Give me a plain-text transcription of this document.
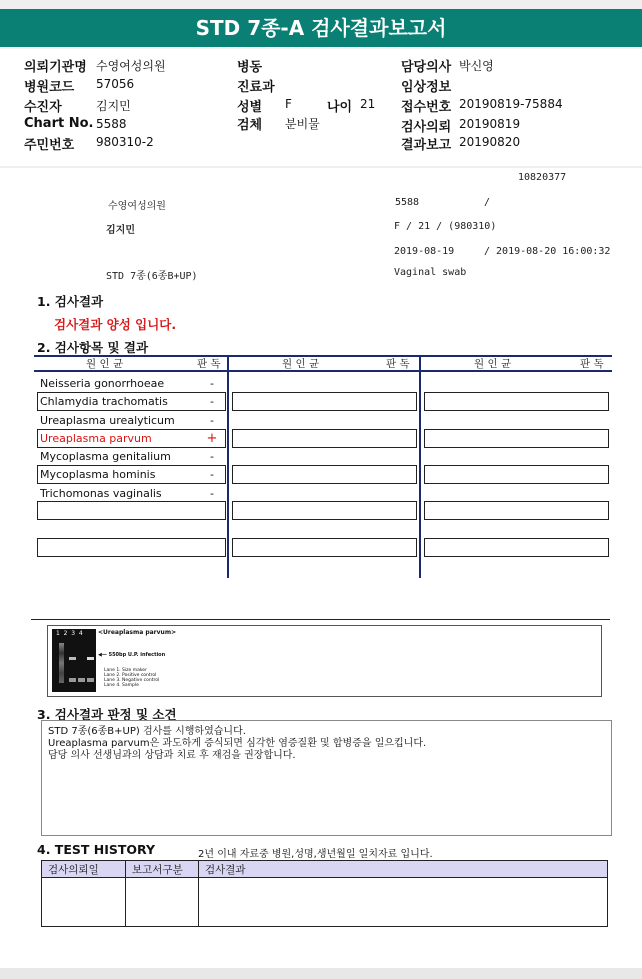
STD 7종-A 검사결과보고서
의뢰기관명 수영여성의원
병원코드 57056
수진자	김지민
Chart No. 5588
주민번호 980310-2
병동
진료과
성별 F	나이 21
검체 분비물
담당의사 박신영
임상정보
접수번호 20190819-75884
검사의뢰 20190819
결과보고 20190820
10820377
수영여성의원	5588	/
김지민	F / 21 / (980310)
2019-08-19	/ 2019-08-20 16:00:32
STD 7종(6종B+UP)	Vaginal swab
1. 검사결과
검사결과 양성 입니다.
2. 검사항목 및 결과
원 인 균	판 독	원 인 균	판 독	원 인 균	판 독
Neisseria gonorrhoeae	-
Chlamydia trachomatis	-
Ureaplasma urealyticum	-
Ureaplasma parvum	+
Mycoplasma genitalium	-
Mycoplasma hominis	-
Trichomonas vaginalis	-
1  2  3  4	<Ureaplasma parvum>
◀— 550bp U.P. infection
Lane 1. Size maker
Lane 2. Positive control
Lane 3. Negative control
Lane 4. Sample
3. 검사결과 판정 및 소견
STD 7종(6종B+UP) 검사를 시행하였습니다.
Ureaplasma parvum은 과도하게 증식되면 심각한 염증질환 및 합병증을 일으킵니다.
담당 의사 선생님과의 상담과 치료 후 재검을 권장합니다.
4. TEST HISTORY	2년 이내 자료중 병원,성명,생년월일 일치자료 입니다.
검사의뢰일	보고서구분	검사결과
